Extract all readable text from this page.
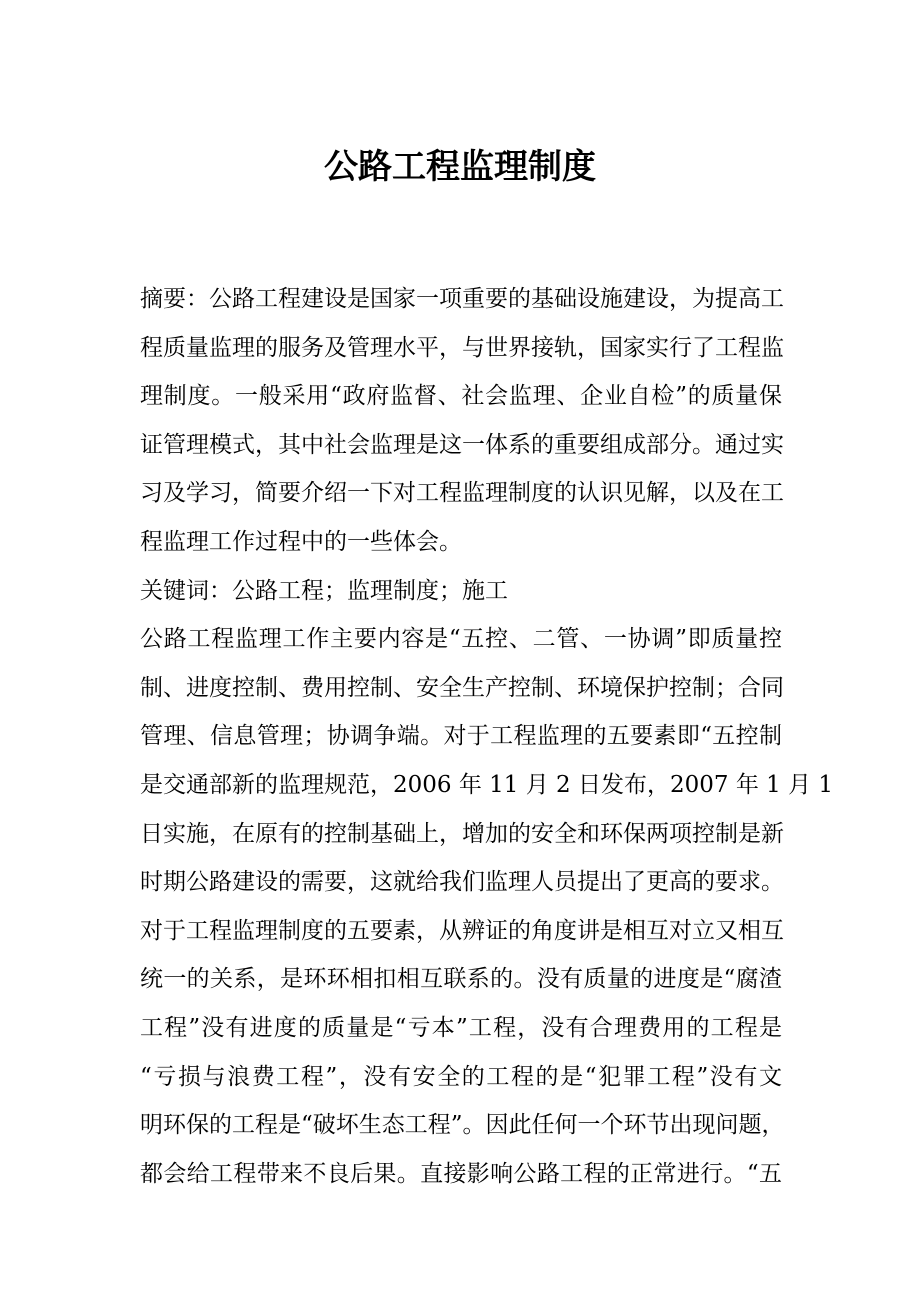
公路工程监理制度
摘要：公路工程建设是国家一项重要的基础设施建设，为提高工
程质量监理的服务及管理水平，与世界接轨，国家实行了工程监
理制度。一般采用“政府监督、社会监理、企业自检”的质量保
证管理模式，其中社会监理是这一体系的重要组成部分。通过实
习及学习，简要介绍一下对工程监理制度的认识见解，以及在工
程监理工作过程中的一些体会。
关键词：公路工程；监理制度；施工
公路工程监理工作主要内容是“五控、二管、一协调”即质量控
制、进度控制、费用控制、安全生产控制、环境保护控制；合同
管理、信息管理；协调争端。对于工程监理的五要素即“五控制
是交通部新的监理规范，2006 年 11 月 2 日发布，2007 年 1 月 1
日实施，在原有的控制基础上，增加的安全和环保两项控制是新
时期公路建设的需要，这就给我们监理人员提出了更高的要求。
对于工程监理制度的五要素，从辨证的角度讲是相互对立又相互
统一的关系，是环环相扣相互联系的。没有质量的进度是“腐渣
工程”没有进度的质量是“亏本”工程，没有合理费用的工程是
“亏损与浪费工程”，没有安全的工程的是“犯罪工程”没有文
明环保的工程是“破坏生态工程”。因此任何一个环节出现问题，
都会给工程带来不良后果。直接影响公路工程的正常进行。“五
